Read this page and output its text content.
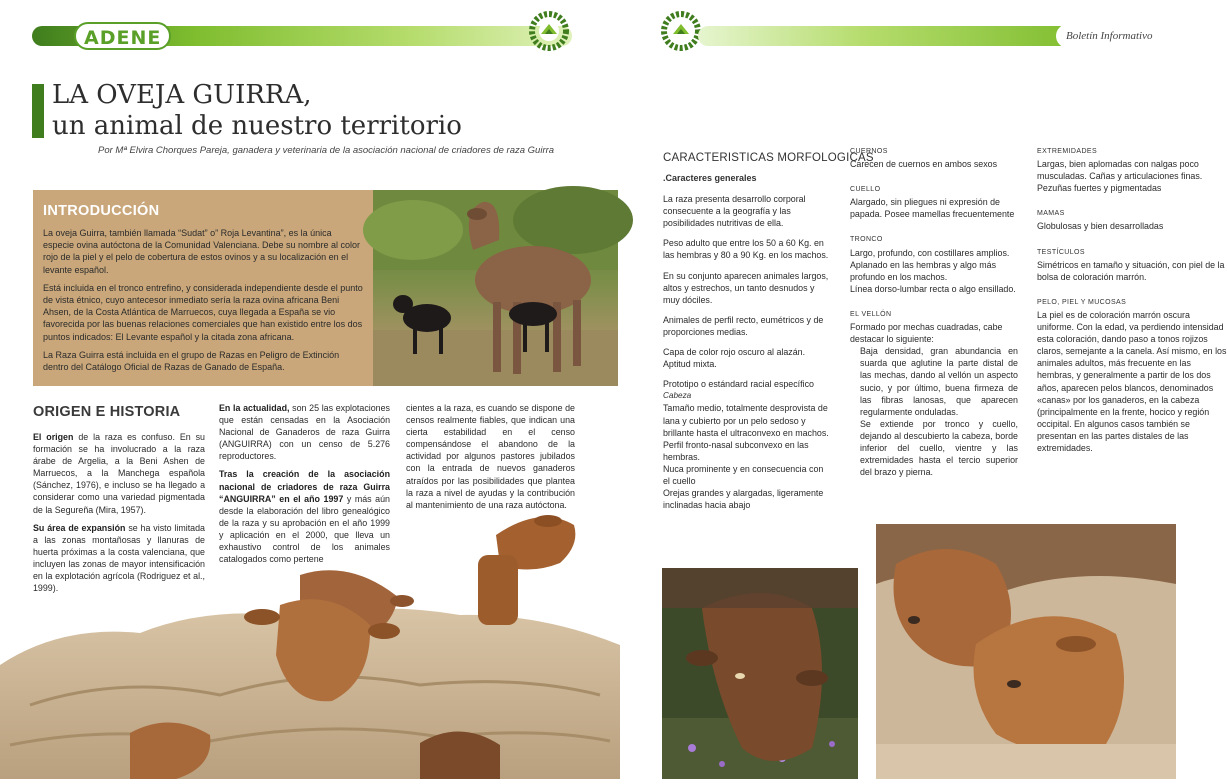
ADENE
LA OVEJA GUIRRA,
un animal de nuestro territorio
Por Mª Elvira Chorques Pareja, ganadera y veterinaria de la asociación nacional de criadores de raza Guirra
INTRODUCCIÓN

La oveja Guirra, también llamada “Sudat” o” Roja Levantina”, es la única especie ovina autóctona de la Comunidad Valenciana. Debe su nombre al color rojo de la piel y el pelo de cobertura de estos ovinos y a su localización en el levante español.

Está incluida en el tronco entrefino, y considerada independiente desde el punto de vista étnico, cuyo antecesor inmediato sería la raza ovina africana Beni Ahsen, de la Costa Atlántica de Marruecos, cuya llegada a España se vio favorecida por las buenas relaciones comerciales que han existido entre los dos puntos indicados: El Levante español y la citada zona africana.

La Raza Guirra está incluida en el grupo de Razas en Peligro de Extinción dentro del Catálogo Oficial de Razas de Ganado de España.

ORIGEN E HISTORIA

El origen de la raza es confuso. En su formación se ha involucrado a la raza árabe de Argelia, a la Beni Ashen de Marruecos, a la Manchega española (Sánchez, 1976), e incluso se ha llegado a considerar como una variedad pigmentada de la Segureña (Mira, 1957).

Su área de expansión se ha visto limitada a las zonas montañosas y llanuras de huerta próximas a la costa valenciana, que incluyen las zonas de mayor intensificación en la explotación agrícola (Rodriguez et al., 1999).

En la actualidad, son 25 las explotaciones que están censadas en la Asociación Nacional de Ganaderos de raza Guirra (ANGUIRRA) con un censo de 5.276 reproductores.

Tras la creación de la asociación nacional de criadores de raza Guirra “ANGUIRRA” en el año 1997 y más aún desde la elaboración del libro genealógico de la raza y su aprobación en el año 1999 y aplicación en el 2000, que lleva un exhaustivo control de los animales catalogados como pertene

cientes a la raza, es cuando se dispone de censos realmente fiables, que indican una cierta estabilidad en el censo compensándose el abandono de la actividad por algunos pastores jubilados con la entrada de nuevos ganaderos atraídos por las posibilidades que plantea la raza a nivel de ayudas y la contribución al mantenimiento de una raza autóctona.

Boletín Informativo
CARACTERISTICAS MORFOLOGICAS
.Caracteres generales

La raza presenta desarrollo corporal consecuente a la geografía y las posibilidades nutritivas de ella.

Peso adulto que entre los 50 a 60 Kg. en las hembras y 80 a 90 Kg. en los machos.

En su conjunto aparecen animales largos, altos y estrechos, un tanto desnudos y muy dóciles.

Animales de perfil recto, eumétricos y de proporciones medias.

Capa de color rojo oscuro al alazán. Aptitud mixta.

Prototipo o estándard racial específico
Cabeza
Tamaño medio, totalmente desprovista de lana y cubierto por un pelo sedoso y brillante hasta el ultraconvexo en machos.
Perfil fronto-nasal subconvexo en las hembras.
Nuca prominente y en consecuencia con el cuello
Orejas grandes y alargadas, ligeramente inclinadas hacia abajo
CUERNOS
Carecen de cuernos en ambos sexos
CUELLO
Alargado, sin pliegues ni expresión de papada. Posee mamellas frecuentemente
TRONCO
Largo, profundo, con costillares amplios. Aplanado en las hembras y algo más profundo en los machos.
Línea dorso-lumbar recta o algo ensillado.
EL VELLÓN
Formado por mechas cuadradas, cabe destacar lo siguiente:
Baja densidad, gran abundancia en suarda que aglutine la parte distal de las mechas, dando al vellón un aspecto sucio, y por último, buena firmeza de las fibras lanosas, que aparecen regularmente onduladas.
Se extiende por tronco y cuello, dejando al descubierto la cabeza, borde inferior del cuello, vientre y las extremidades hasta el tercio superior del brazo y pierna.
EXTREMIDADES
Largas, bien aplomadas con nalgas poco musculadas. Cañas y articulaciones finas. Pezuñas fuertes y pigmentadas
MAMAS
Globulosas y bien desarrolladas
TESTÍCULOS
Simétricos en tamaño y situación, con piel de la bolsa de coloración marrón.
PELO, PIEL Y MUCOSAS
La piel es de coloración marrón oscura uniforme. Con la edad, va perdiendo intensidad esta coloración, dando paso a tonos rojizos claros, semejante a la canela. Así mismo, en los animales adultos, más frecuente en las hembras, y generalmente a partir de los dos años, aparecen pelos blancos, denominados «canas» por los ganaderos, en la cabeza (principalmente en la frente, hocico y región occipital. En algunos casos también se presentan en las partes distales de las extremidades.
